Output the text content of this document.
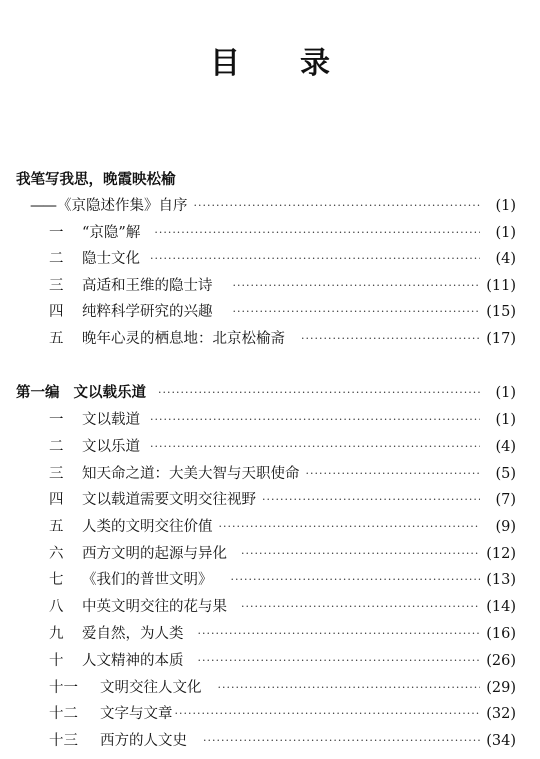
目 录
我笔写我思，晚霞映松榆
—— 《京隐述作集》自序 ·····	(1)
一 “京隐”解 ·····	(1)
二 隐士文化 ·····	(4)
三 高适和王维的隐士诗 ·····	(11)
四 纯粹科学研究的兴趣 ·····	(15)
五 晚年心灵的栖息地：北京松榆斋 ·····	(17)
第一编 文以载乐道 ·····	(1)
一 文以载道 ·····	(1)
二 文以乐道 ·····	(4)
三 知天命之道：大美大智与天职使命 ·····	(5)
四 文以载道需要文明交往视野 ·····	(7)
五 人类的文明交往价值 ·····	(9)
六 西方文明的起源与异化 ·····	(12)
七 《我们的普世文明》 ·····	(13)
八 中英文明交往的花与果 ·····	(14)
九 爱自然，为人类 ·····	(16)
十 人文精神的本质 ·····	(26)
十一 文明交往人文化 ·····	(29)
十二 文字与文章 ·····	(32)
十三 西方的人文史 ·····	(34)
